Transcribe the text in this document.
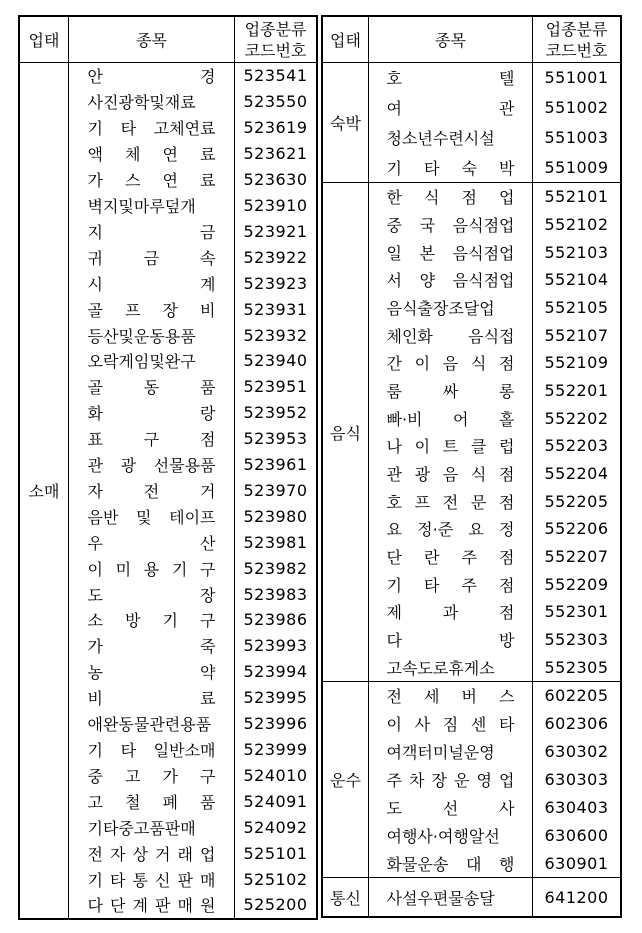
업태	종목
업종분류
코드번호
소매
안 경	523541
사진광학및재료	523550
기 타 고체연료	523619
액 체 연 료	523621
가 스 연 료	523630
벽지및마루덮개	523910
지 금	523921
귀 금 속	523922
시 계	523923
골 프 장 비	523931
등산및운동용품	523932
오락게임및완구	523940
골 동 품	523951
화 랑	523952
표 구 점	523953
관 광 선물용품	523961
자 전 거	523970
음반 및 테이프	523980
우 산	523981
이 미 용 기 구	523982
도 장	523983
소 방 기 구	523986
가 죽	523993
농 약	523994
비 료	523995
애완동물관련용품	523996
기 타 일반소매	523999
중 고 가 구	524010
고 철 폐 품	524091
기타중고품판매	524092
전 자 상 거 래 업	525101
기 타 통 신 판 매	525102
다 단 계 판 매 원	525200
업태	종목
업종분류
코드번호
숙박
호 텔	551001
여 관	551002
청소년수련시설	551003
기 타 숙 박	551009
음식
한 식 점 업	552101
중 국 음식점업	552102
일 본 음식점업	552103
서 양 음식점업	552104
음식출장조달업	552105
체인화 음식접	552107
간 이 음 식 점	552109
룸 싸 롱	552201
빠·비 어 홀	552202
나 이 트 클 럽	552203
관 광 음 식 점	552204
호 프 전 문 점	552205
요 정·준 요 정	552206
단 란 주 점	552207
기 타 주 점	552209
제 과 점	552301
다 방	552303
고속도로휴게소	552305
운수
전 세 버 스	602205
이 사 짐 센 타	602306
여객터미널운영	630302
주 차 장 운 영 업	630303
도 선 사	630403
여행사·여행알선	630600
화물운송 대 행	630901
통신	사설우편물송달	641200
